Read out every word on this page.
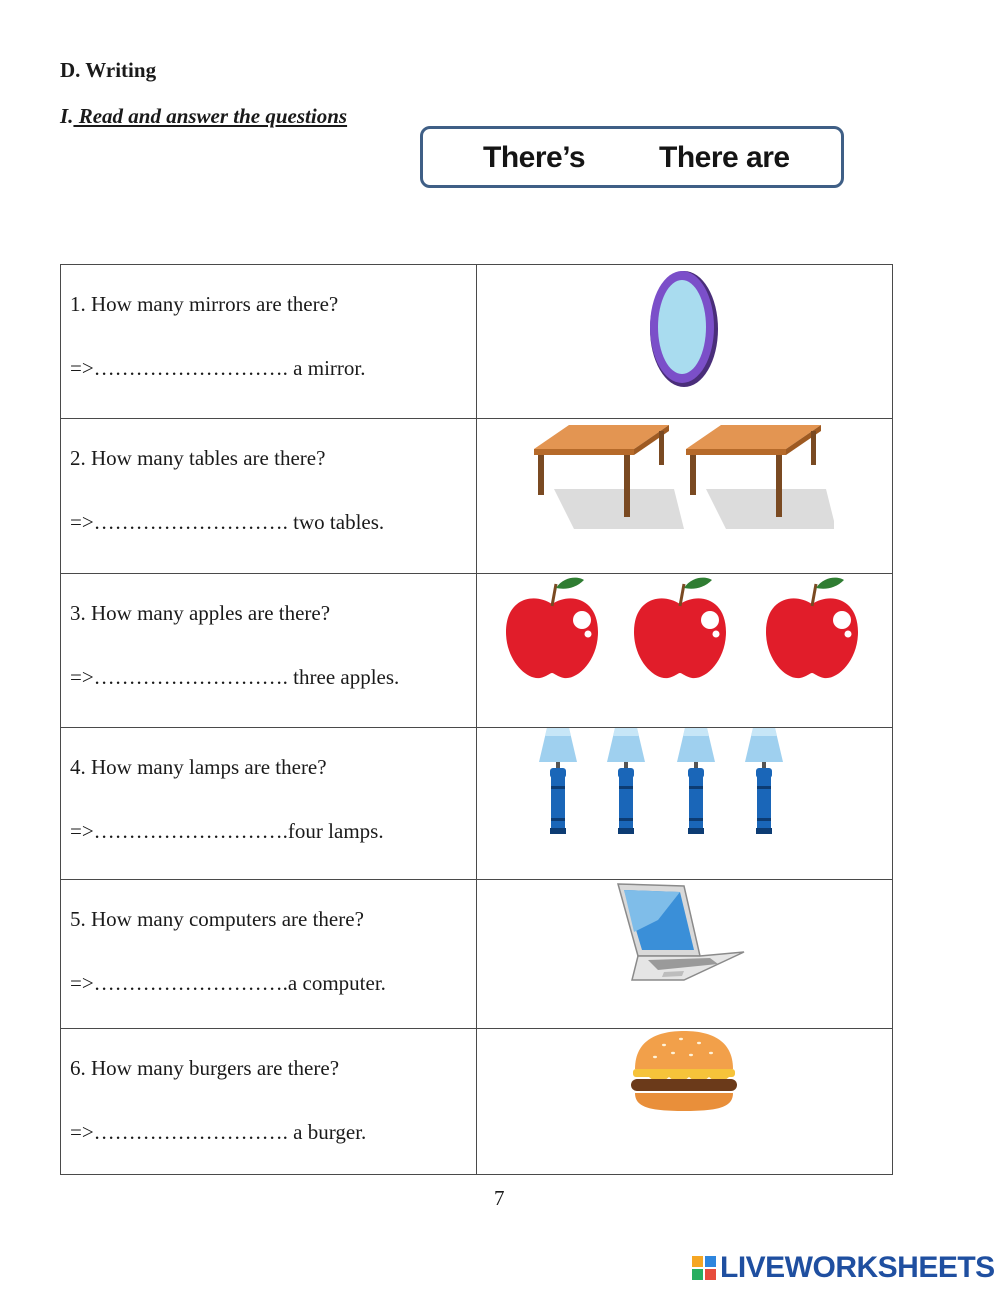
D. Writing
I. Read and answer the questions
There’s There are
1. How many mirrors are there?
=>………………………. a mirror.

2. How many tables are there?
=>………………………. two tables.

3. How many apples are there?
=>………………………. three apples.

4. How many lamps are there?
=>……………………….four lamps.

5. How many computers are there?
=>……………………….a computer.

6. How many burgers are there?
=>………………………. a burger.

7
LIVEWORKSHEETS
